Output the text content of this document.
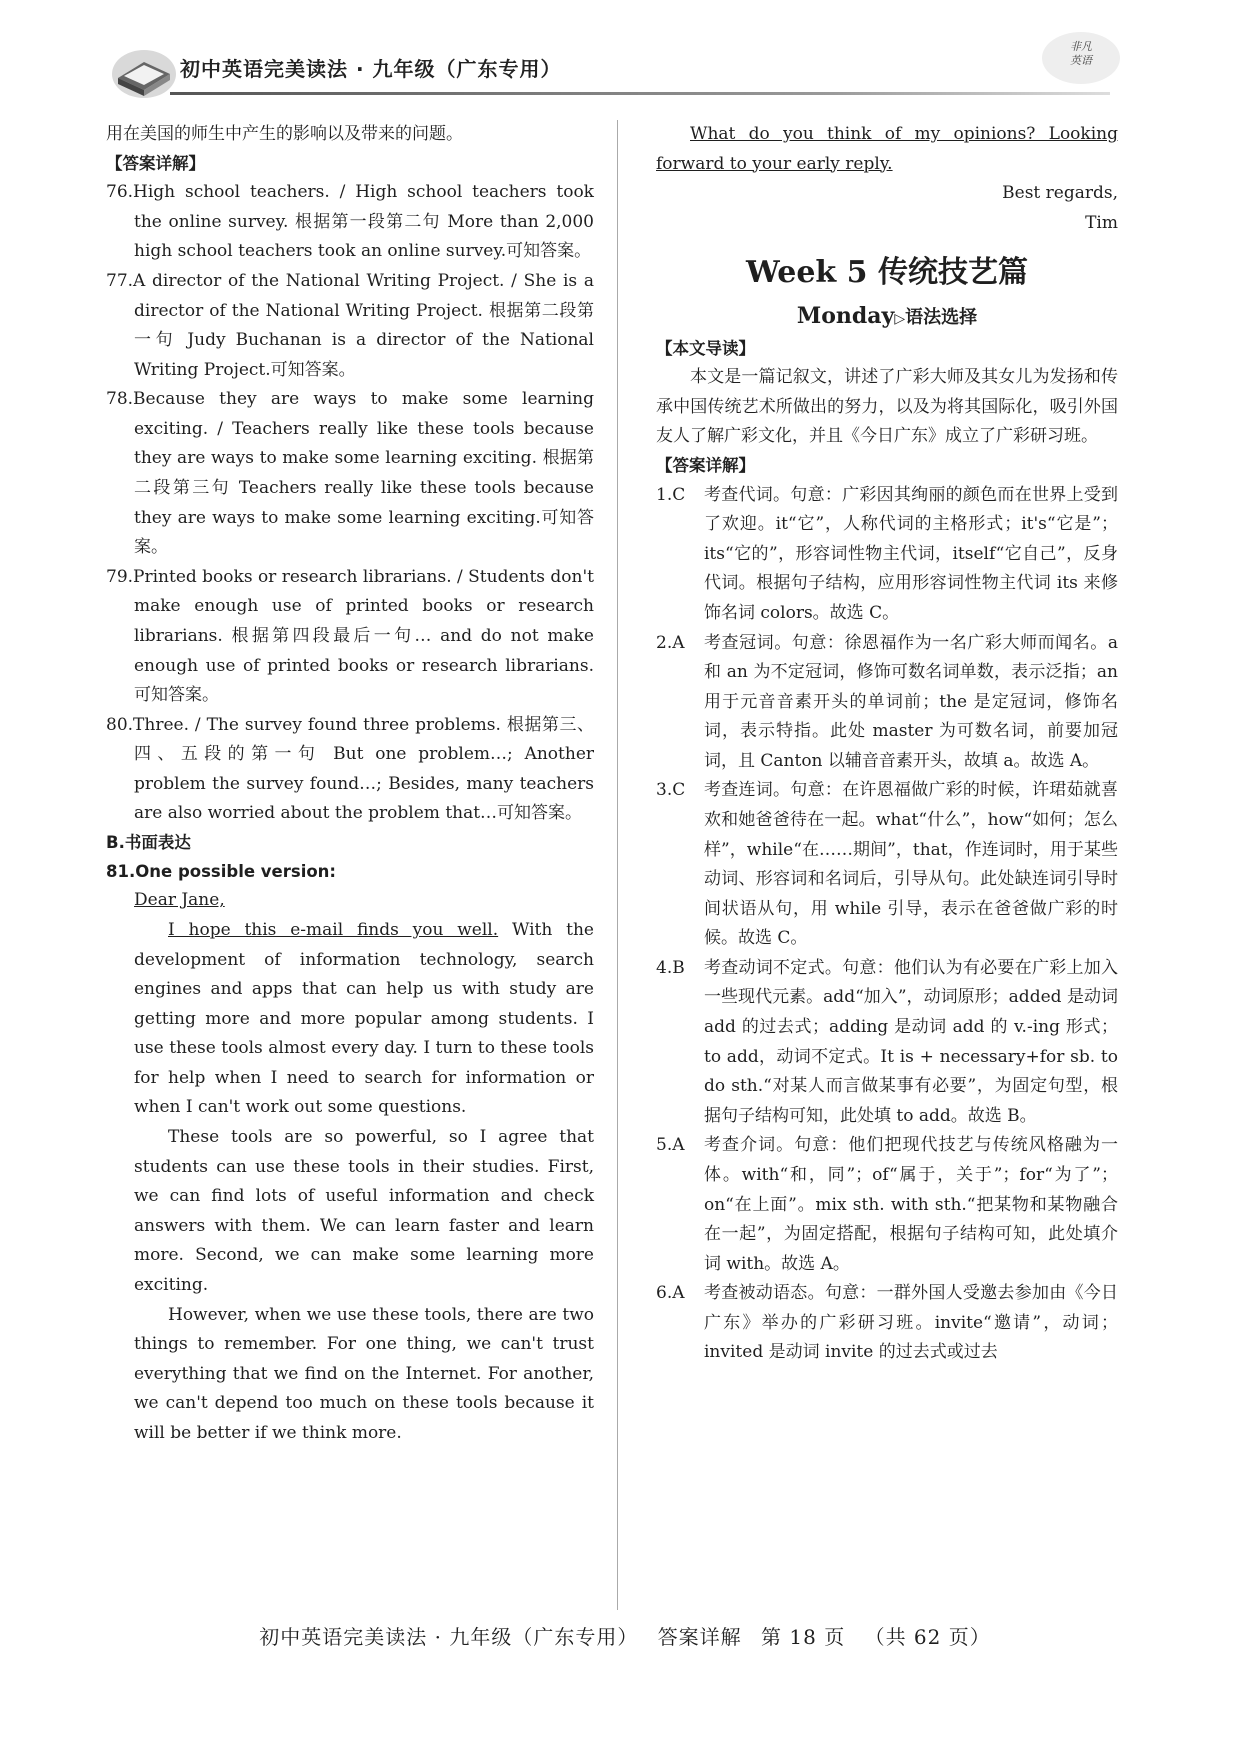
初中英语完美读法 · 九年级（广东专用）
非凡
英语

用在美国的师生中产生的影响以及带来的问题。

【答案详解】

76.High school teachers. / High school teachers took the online survey. 根据第一段第二句 More than 2,000 high school teachers took an online survey.可知答案。

77.A director of the National Writing Project. / She is a director of the National Writing Project. 根据第二段第一句 Judy Buchanan is a director of the National Writing Project.可知答案。

78.Because they are ways to make some learning exciting. / Teachers really like these tools because they are ways to make some learning exciting. 根据第二段第三句 Teachers really like these tools because they are ways to make some learning exciting.可知答案。

79.Printed books or research librarians. / Students don't make enough use of printed books or research librarians. 根据第四段最后一句… and do not make enough use of printed books or research librarians.可知答案。

80.Three. / The survey found three problems. 根据第三、四、五段的第一句 But one problem…; Another problem the survey found…; Besides, many teachers are also worried about the problem that…可知答案。

B.书面表达

81.One possible version:

Dear Jane,

I hope this e-mail finds you well. With the development of information technology, search engines and apps that can help us with study are getting more and more popular among students. I use these tools almost every day. I turn to these tools for help when I need to search for information or when I can't work out some questions.

These tools are so powerful, so I agree that students can use these tools in their studies. First, we can find lots of useful information and check answers with them. We can learn faster and learn more. Second, we can make some learning more exciting.

However, when we use these tools, there are two things to remember. For one thing, we can't trust everything that we find on the Internet. For another, we can't depend too much on these tools because it will be better if we think more.

What do you think of my opinions? Looking forward to your early reply.

Best regards,

Tim

Week 5 传统技艺篇
Monday▷语法选择

【本文导读】

本文是一篇记叙文，讲述了广彩大师及其女儿为发扬和传承中国传统艺术所做出的努力，以及为将其国际化，吸引外国友人了解广彩文化，并且《今日广东》成立了广彩研习班。

【答案详解】

1.C	考查代词。句意：广彩因其绚丽的颜色而在世界上受到了欢迎。it“它”，人称代词的主格形式；it's“它是”；its“它的”，形容词性物主代词，itself“它自己”，反身代词。根据句子结构，应用形容词性物主代词 its 来修饰名词 colors。故选 C。
2.A	考查冠词。句意：徐恩福作为一名广彩大师而闻名。a 和 an 为不定冠词，修饰可数名词单数，表示泛指；an 用于元音音素开头的单词前；the 是定冠词，修饰名词，表示特指。此处 master 为可数名词，前要加冠词，且 Canton 以辅音音素开头，故填 a。故选 A。
3.C	考查连词。句意：在许恩福做广彩的时候，许珺茹就喜欢和她爸爸待在一起。what“什么”，how“如何；怎么样”，while“在……期间”，that，作连词时，用于某些动词、形容词和名词后，引导从句。此处缺连词引导时间状语从句，用 while 引导，表示在爸爸做广彩的时候。故选 C。
4.B	考查动词不定式。句意：他们认为有必要在广彩上加入一些现代元素。add“加入”，动词原形；added 是动词 add 的过去式；adding 是动词 add 的 v.-ing 形式；to add，动词不定式。It is + necessary+for sb. to do sth.“对某人而言做某事有必要”，为固定句型，根据句子结构可知，此处填 to add。故选 B。
5.A	考查介词。句意：他们把现代技艺与传统风格融为一体。with“和，同”；of“属于，关于”；for“为了”；on“在上面”。mix sth. with sth.“把某物和某物融合在一起”，为固定搭配，根据句子结构可知，此处填介词 with。故选 A。
6.A	考查被动语态。句意：一群外国人受邀去参加由《今日广东》举办的广彩研习班。invite“邀请”，动词；invited 是动词 invite 的过去式或过去
初中英语完美读法 · 九年级（广东专用） 答案详解 第 18 页 （共 62 页）
